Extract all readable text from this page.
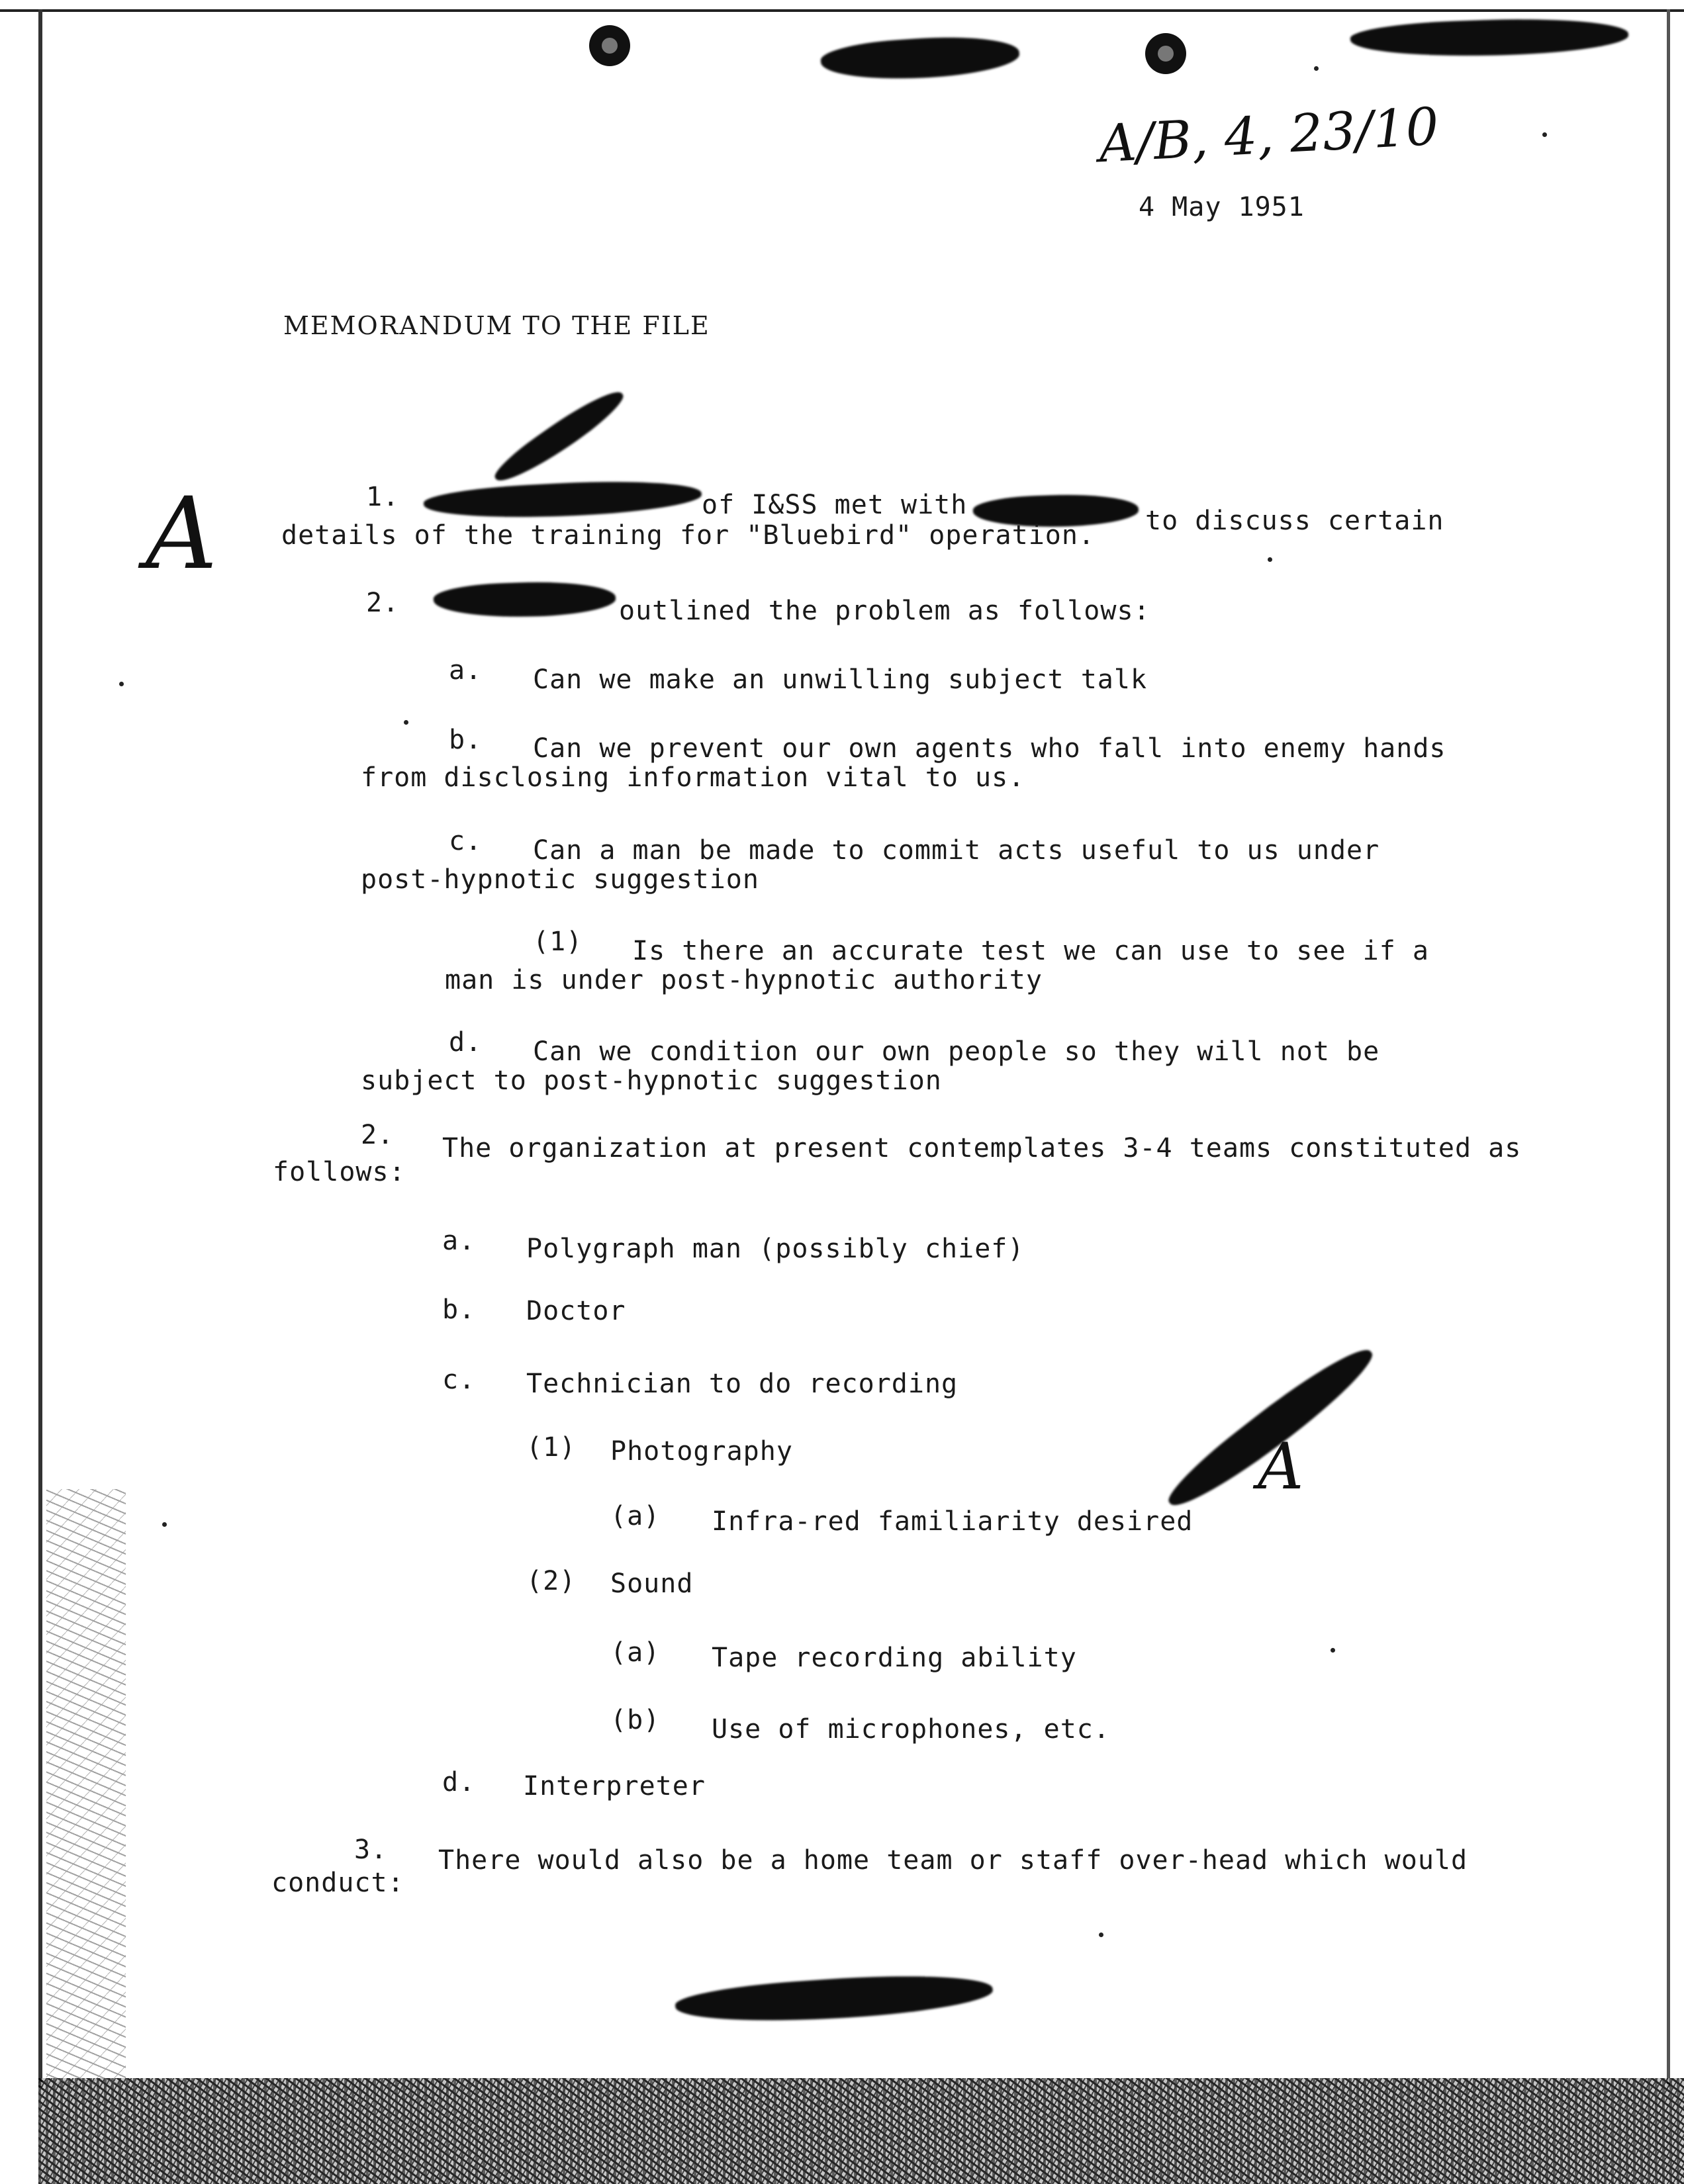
A/B, 4, 23/10
4 May 1951
MEMORANDUM TO THE FILE
A	1.	of I&SS met with
to discuss certain
details of the training for "Bluebird" operation.
2.	outlined the problem as follows:
a. Can we make an unwilling subject talk
b. Can we prevent our own agents who fall into enemy hands
from disclosing information vital to us.
c. Can a man be made to commit acts useful to us under
post-hypnotic suggestion
(1) Is there an accurate test we can use to see if a
man is under post-hypnotic authority
d. Can we condition our own people so they will not be
subject to post-hypnotic suggestion
2. The organization at present contemplates 3-4 teams constituted as
follows:
a. Polygraph man (possibly chief)
b. Doctor
c. Technician to do recording
(1) Photography
(a) Infra-red familiarity desired
(2) Sound
(a) Tape recording ability
(b) Use of microphones, etc.
d. Interpreter
A
3. There would also be a home team or staff over-head which would
conduct:
